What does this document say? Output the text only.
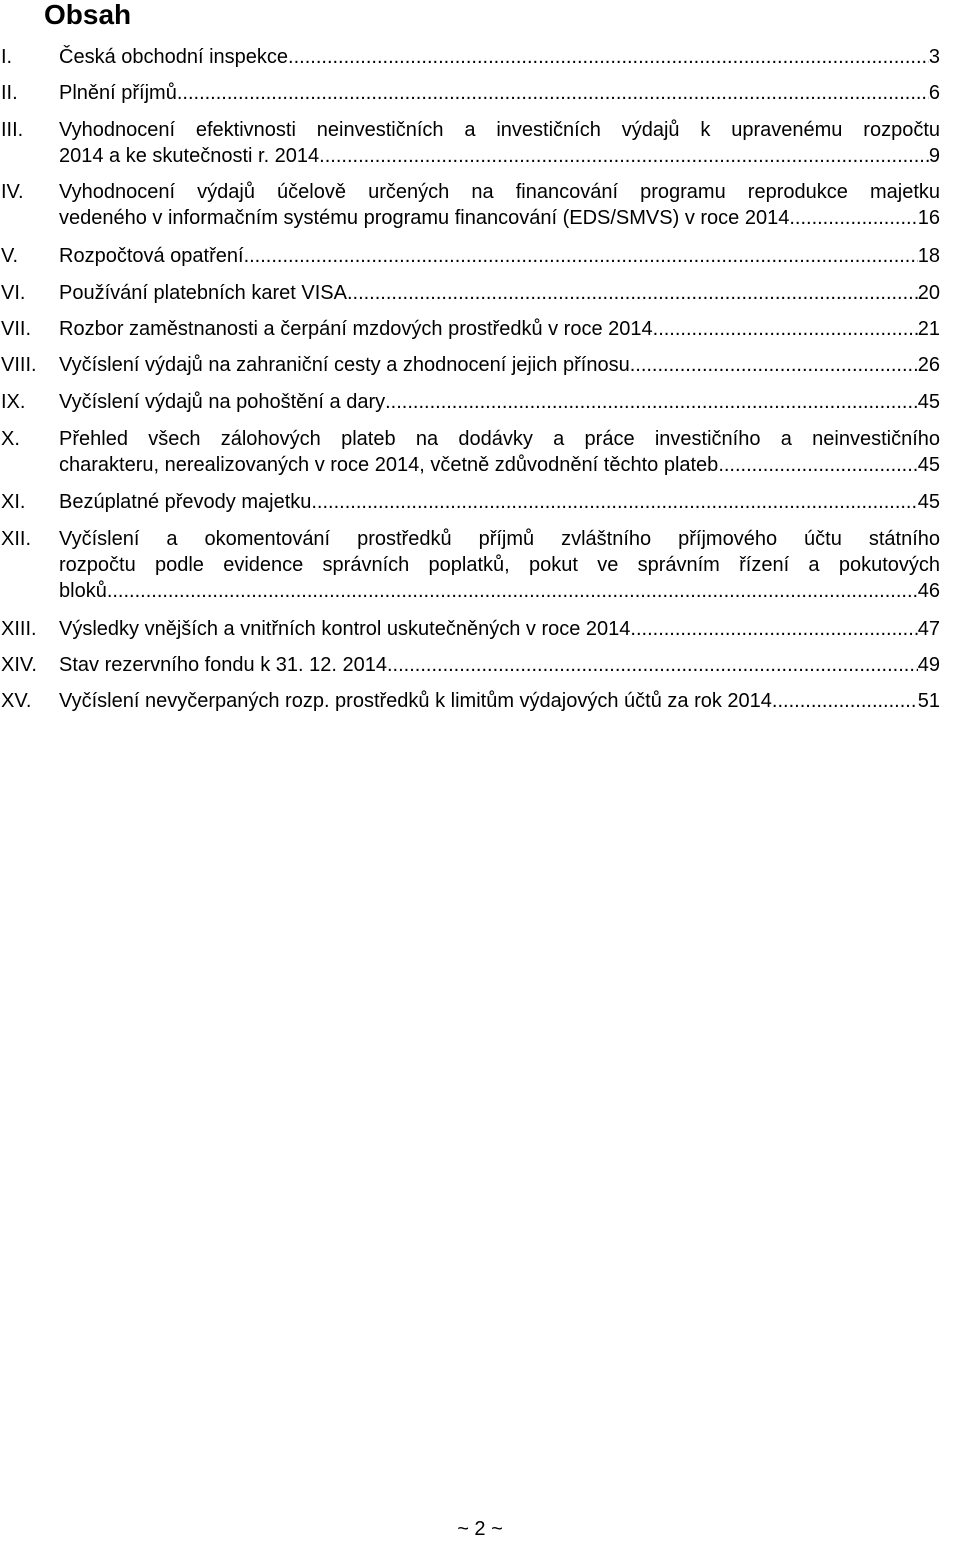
Obsah
I. Česká obchodní inspekce .....	3
II. Plnění příjmů .....	6
III. Vyhodnocení efektivnosti neinvestičních a investičních výdajů k upravenému rozpočtu
2014 a ke skutečnosti r. 2014. .....	9
IV. Vyhodnocení výdajů účelově určených na financování programu reprodukce majetku
vedeného v informačním systému programu financování (EDS/SMVS) v roce 2014 .....	16
V. Rozpočtová opatření .....	18
VI. Používání platebních karet VISA .....	20
VII. Rozbor zaměstnanosti a čerpání mzdových prostředků v roce 2014 .....	21
VIII. Vyčíslení výdajů na zahraniční cesty a zhodnocení jejich přínosu .....	26
IX. Vyčíslení výdajů na pohoštění a dary .....	45
X. Přehled všech zálohových plateb na dodávky a práce investičního a neinvestičního
charakteru, nerealizovaných v roce 2014, včetně zdůvodnění těchto plateb .....	45
XI. Bezúplatné převody majetku .....	45
XII. Vyčíslení a okomentování prostředků příjmů zvláštního příjmového účtu státního
rozpočtu podle evidence správních poplatků, pokut ve správním řízení a pokutových
bloků .....	46
XIII. Výsledky vnějších a vnitřních kontrol uskutečněných v roce 2014 .....	47
XIV. Stav rezervního fondu k 31. 12. 2014 .....	49
XV. Vyčíslení nevyčerpaných rozp. prostředků k limitům výdajových účtů za rok 2014 .....	51
~ 2 ~
